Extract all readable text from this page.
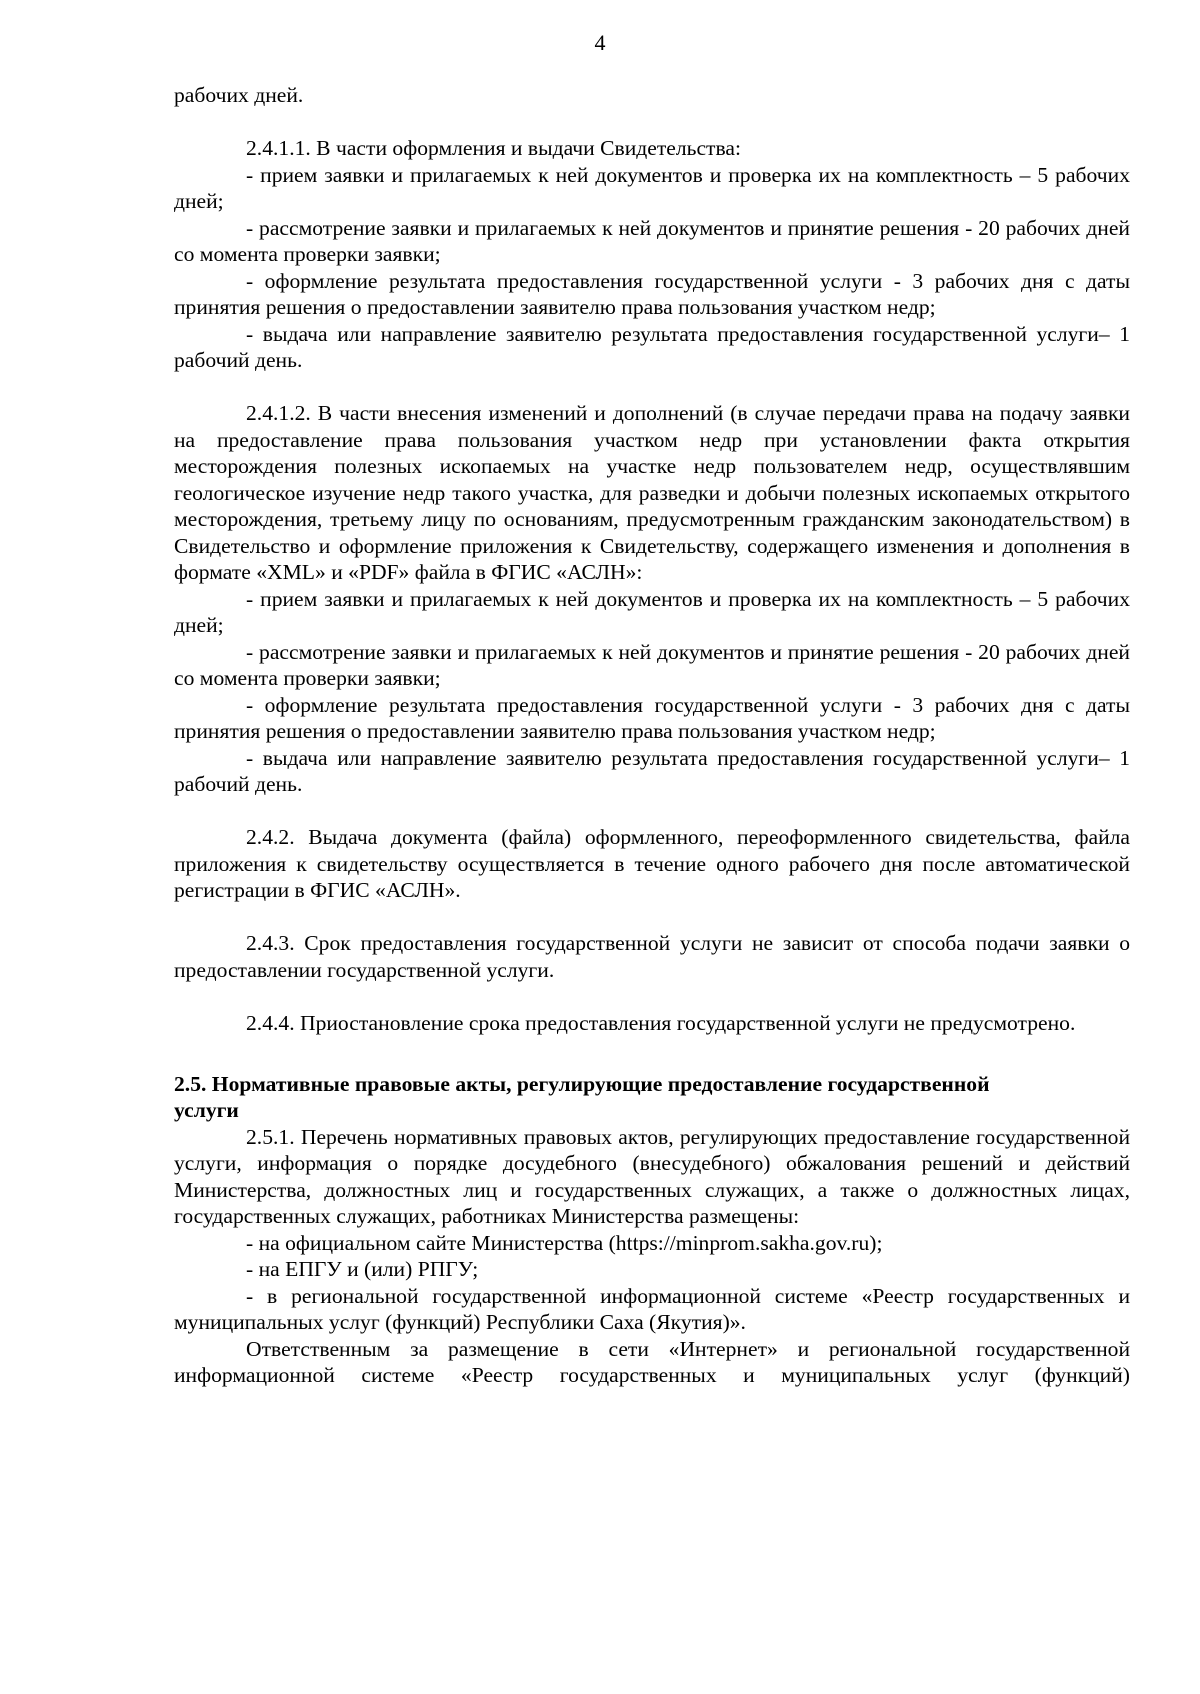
4

рабочих дней.

2.4.1.1. В части оформления и выдачи Свидетельства:

- прием заявки и прилагаемых к ней документов и проверка их на комплектность – 5 рабочих дней;

- рассмотрение заявки и прилагаемых к ней документов и принятие решения - 20 рабочих дней со момента проверки заявки;

- оформление результата предоставления государственной услуги - 3 рабочих дня с даты принятия решения о предоставлении заявителю права пользования участком недр;

- выдача или направление заявителю результата предоставления государственной услуги– 1 рабочий день.

2.4.1.2. В части внесения изменений и дополнений (в случае передачи права на подачу заявки на предоставление права пользования участком недр при установлении факта открытия месторождения полезных ископаемых на участке недр пользователем недр, осуществлявшим геологическое изучение недр такого участка, для разведки и добычи полезных ископаемых открытого месторождения, третьему лицу по основаниям, предусмотренным гражданским законодательством) в Свидетельство и оформление приложения к Свидетельству, содержащего изменения и дополнения в формате «XML» и «PDF» файла в ФГИС «АСЛН»:

- прием заявки и прилагаемых к ней документов и проверка их на комплектность – 5 рабочих дней;

- рассмотрение заявки и прилагаемых к ней документов и принятие решения - 20 рабочих дней со момента проверки заявки;

- оформление результата предоставления государственной услуги - 3 рабочих дня с даты принятия решения о предоставлении заявителю права пользования участком недр;

- выдача или направление заявителю результата предоставления государственной услуги– 1 рабочий день.

2.4.2. Выдача документа (файла) оформленного, переоформленного свидетельства, файла приложения к свидетельству осуществляется в течение одного рабочего дня после автоматической регистрации в ФГИС «АСЛН».

2.4.3. Срок предоставления государственной услуги не зависит от способа подачи заявки о предоставлении государственной услуги.

2.4.4. Приостановление срока предоставления государственной услуги не предусмотрено.

2.5. Нормативные правовые акты, регулирующие предоставление государственной

услуги

2.5.1. Перечень нормативных правовых актов, регулирующих предоставление государственной услуги, информация о порядке досудебного (внесудебного) обжалования решений и действий Министерства, должностных лиц и государственных служащих, а также о должностных лицах, государственных служащих, работниках Министерства размещены:

- на официальном сайте Министерства (https://minprom.sakha.gov.ru);

- на ЕПГУ и (или) РПГУ;

- в региональной государственной информационной системе «Реестр государственных и муниципальных услуг (функций) Республики Саха (Якутия)».

Ответственным за размещение в сети «Интернет» и региональной государственной информационной системе «Реестр государственных и муниципальных услуг (функций)
